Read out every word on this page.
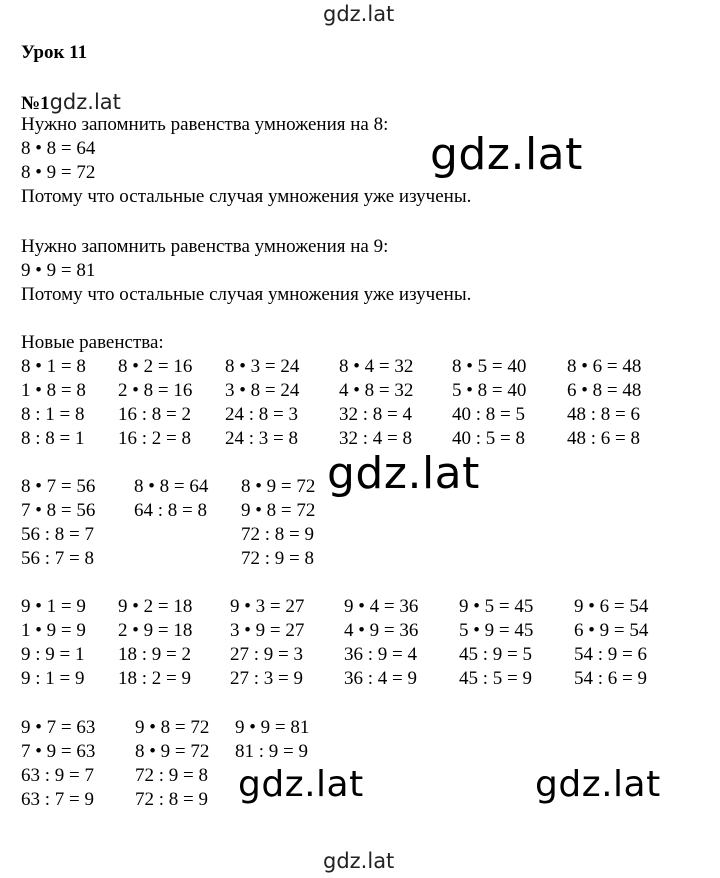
gdz.lat
gdz.lat
gdz.lat
gdz.lat	gdz.lat
gdz.lat
Урок 11
№1gdz.lat
Нужно запомнить равенства умножения на 8:
8 • 8 = 64
8 • 9 = 72
Потому что остальные случая умножения уже изучены.
Нужно запомнить равенства умножения на 9:
9 • 9 = 81
Потому что остальные случая умножения уже изучены.
Новые равенства:
8 • 1 = 8 8 • 2 = 16 8 • 3 = 24 8 • 4 = 32 8 • 5 = 40 8 • 6 = 48
1 • 8 = 8 2 • 8 = 16 3 • 8 = 24 4 • 8 = 32 5 • 8 = 40 6 • 8 = 48
8 : 1 = 8 16 : 8 = 2 24 : 8 = 3 32 : 8 = 4 40 : 8 = 5 48 : 8 = 6
8 : 8 = 1 16 : 2 = 8 24 : 3 = 8 32 : 4 = 8 40 : 5 = 8 48 : 6 = 8
8 • 7 = 56 8 • 8 = 64 8 • 9 = 72
7 • 8 = 56 64 : 8 = 8 9 • 8 = 72
56 : 8 = 7	72 : 8 = 9
56 : 7 = 8	72 : 9 = 8
9 • 1 = 9 9 • 2 = 18 9 • 3 = 27 9 • 4 = 36 9 • 5 = 45 9 • 6 = 54
1 • 9 = 9 2 • 9 = 18 3 • 9 = 27 4 • 9 = 36 5 • 9 = 45 6 • 9 = 54
9 : 9 = 1 18 : 9 = 2 27 : 9 = 3 36 : 9 = 4 45 : 9 = 5 54 : 9 = 6
9 : 1 = 9 18 : 2 = 9 27 : 3 = 9 36 : 4 = 9 45 : 5 = 9 54 : 6 = 9
9 • 7 = 63 9 • 8 = 72 9 • 9 = 81
7 • 9 = 63 8 • 9 = 72 81 : 9 = 9
63 : 9 = 7 72 : 9 = 8
63 : 7 = 9 72 : 8 = 9
